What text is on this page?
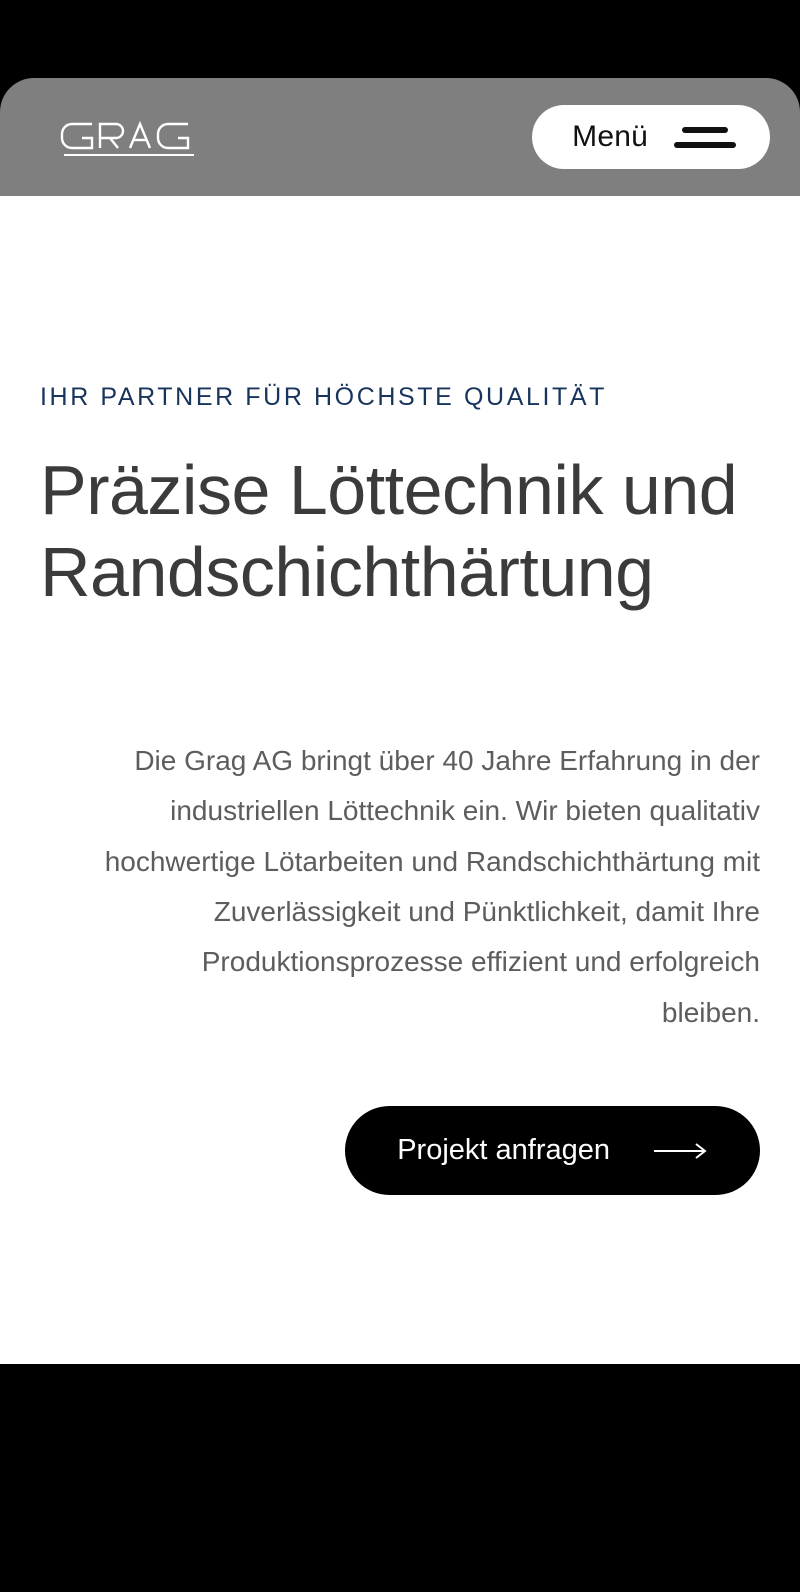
Menü
IHR PARTNER FÜR HÖCHSTE QUALITÄT
Präzise Löttechnik und
Randschichthärtung

Die Grag AG bringt über 40 Jahre Erfahrung in der industriellen Löttechnik ein. Wir bieten qualitativ hochwertige Lötarbeiten und Randschichthärtung mit Zuverlässigkeit und Pünktlichkeit, damit Ihre Produktionsprozesse effizient und erfolgreich bleiben.

Projekt anfragen
